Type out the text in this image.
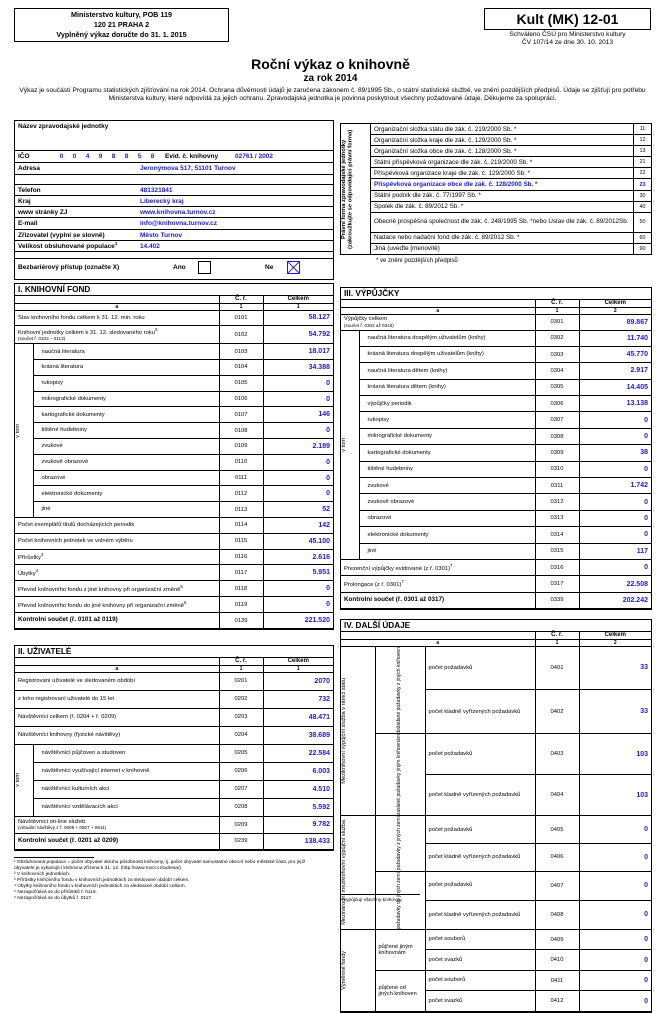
Ministerstvo kultury, POB 119
120 21 PRAHA 2
Vyplněný výkaz doručte do 31. 1. 2015
Kult (MK) 12-01
Schváleno ČSÚ pro Ministerstvo kultury
ČV 107/14 ze dne 30. 10. 2013
Roční výkaz o knihovně
za rok 2014
Výkaz je součástí Programu statistických zjišťování na rok 2014. Ochrana důvěrnosti údajů je zaručena zákonem č. 89/1995 Sb., o státní statistické službě, ve znění pozdějších předpisů. Údaje se zjišťují pro potřebu Ministerstva kultury, které odpovídá za jejich ochranu. Zpravodajská jednotka je povinna poskytnout všechny požadované údaje. Děkujeme za spolupráci.
Název zpravodajské jednotky
IČO	0	0	4	9	8	8	5	8	Evid. č. knihovny	02761 / 2002
Adresa	Jeronýmova 517, 51101 Turnov
Telefon	481321841
Kraj	Liberecký kraj
www stránky ZJ	www.knihovna.turnov.cz
E-mail	info@knihovna.turnov.cz
Zřizovatel (vyplní se slovně)	Město Turnov
Velikost obsluhované populace$^1$	14.402
Bezbariérový přístup (označte X)	Ano	Ne
Právní forma zpravodajské jednotky (zakroužkujte se odpovídající právní forma)	Organizační složka státu dle zák. č. 219/2000 Sb. *	11
	Organizační složka kraje dle zák. č. 129/2000 Sb. *	12
	Organizační složka obce dle zák. č. 128/2000 Sb. *	13
	Státní příspěvková organizace dle zák. č. 219/2000 Sb. *	21
	Příspěvková organizace kraje dle zák. č. 129/2000 Sb. *	22
	Příspěvková organizace obce dle zák. č. 128/2000 Sb. *	23
	Státní podnik dle zák. č. 77/1997 Sb. *	30
	Spolek dle zák. č. 89/2012 Sb. *	40
	Obecně prospěšná společnost dle zák. č. 248/1995 Sb. *nebo Ústav dle zák. č. 89/2012Sb.	50
	Nadace nebo nadační fond dle zák. č. 89/2012 Sb. *	60
	Jiná (uveďte [menovitě)	90
* ve znění pozdějších předpisů
I. KNIHOVNÍ FOND
		Č. ř.	Celkem
a		1	1
Stav knihovního fondu celkem k 31. 12. min. roku		0101	58.127
Knihovní jednotky celkem k 31. 12. sledovaného roku$^2$
(součet ř. 0103 – 0113)		0102	54.792

v tom	naučná literatura	0103	18.017
	krásná literatura	0104	34.388
	rukopisy	0105	0
	mikrografické dokumenty	0106	0
	kartografické dokumenty	0107	146
	tištěné hudebniny	0108	0
	zvukové	0109	2.189
	zvukově obrazové	0110	0
	obrazové	0111	0
	elektronické dokumenty	0112	0
	jiné	0113	52
Počet exemplářů titulů docházejících periodik		0114	142
Počet knihovních jednotek ve volném výběru		0115	45.100
Přírůstky$^3$		0116	2.616
Úbytky$^4$		0117	5.951
Převod knihovního fondu z jiné knihovny při organizační změně$^5$		0118	0
Převod knihovního fondu do jiné knihovny při organizační změně$^6$		0119	0
Kontrolní součet (ř. 0101 až 0119)		0139	221.520
II. UŽIVATELÉ
		Č. ř.	Celkem
a		1	1
Registrovaní uživatelé ve sledovaném období		0201	2070
z toho registrovaní uživatelé do 15 let		0202	732
Návštěvníci celkem (ř. 0204 + ř. 0209)		0203	48.471
Návštěvníci knihovny (fyzické návštěvy)		0204	38.689

v tom	návštěvníci půjčoven a studoven	0205	22.584
	návštěvníci využívající internet v knihovně	0206	6.003
	návštěvníci kulturních akcí	0207	4.510
	návštěvníci vzdělávacích akcí	0208	5.592
Návštěvníci on-line služeb
(virtuální návštěvy z ř. 0505 + 0507 + 0611)		0209	9.782
Kontrolní součet (ř. 0201 až 0209)		0239	138.433
III. VÝPŮJČKY
		Č. ř.	Celkem
a		1	2
Výpůjčky celkem
(součet ř. 0302 až 0315)		0301	89.867

v tom	naučná literatura dospělým uživatelům (knihy)	0302	11.740
	krásná literatura dospělým uživatelům (knihy)	0303	45.770
	naučná literatura dětem (knihy)	0304	2.917
	krásná literatura dětem (knihy)	0305	14.405
	výpůjčky periodik	0306	13.138
	rukopisy	0307	0
	mikrografické dokumenty	0308	0
	kartografické dokumenty	0309	38
	tištěné hudebniny	0310	0
	zvukové	0311	1.742
	zvukově obrazové	0312	0
	obrazové	0313	0
	elektronické dokumenty	0314	0
	jiné	0315	117
Prezenční výpůjčky evidované (z ř. 0301)$^7$		0316	0
Prolongace (z ř. 0301)$^7$		0317	22.508
Kontrolní součet (ř. 0301 až 0317)		0339	202.242
IV. DALŠÍ ÚDAJE
			Č. ř.	Celkem
a			1	2

Meziknihovní výpůjční služba v rámci státu	dožádané požadavky z jiných knihoven	počet požadavků	0401	33
		počet kladně vyřízených požadavků	0402	33

	zaslané požadavky jiným knihovnám	počet požadavků	0403	103
		počet kladně vyřízených požadavků	0404	103

Mezinárodní meziknihovní výpůjční služba	požadavky z jiných zemí	počet požadavků	0405	0
		počet kladně vyřízených požadavků	0406	0

	požadavky do jiných zemí	počet požadavků	0407	0
		počet kladně vyřízených požadavků	0408	0

Výměnné fondy	půjčené jiným knihovnám	počet souborů	0409	0
		počet svazků	0410	0

	půjčené od jiných knihoven	počet souborů	0411	0
		počet svazků	0412	0
¹ Obsluhovaná populace = počet obyvatel okruhu působnosti knihovny, tj. počet obyvatel samostatné obecní nebo městské části, pro jejíž obyvatele je vykazující knihovna zřízena k 31. 12. (http://www.mvcr.cz/adresa/).
² V knihovních jednotkách.
³ Přírůstky knihovního fondu v knihovních jednotkách za sledované období celkem.
⁴ Úbytky knihovního fondu v knihovních jednotkách za sledované období celkem.
⁵ Nezapočítává se do přírůstků ř. 0116.
⁶ Nezapočítává se do úbytků ř. 0117.	⁷ Vypůjčují všechny knihovny.
